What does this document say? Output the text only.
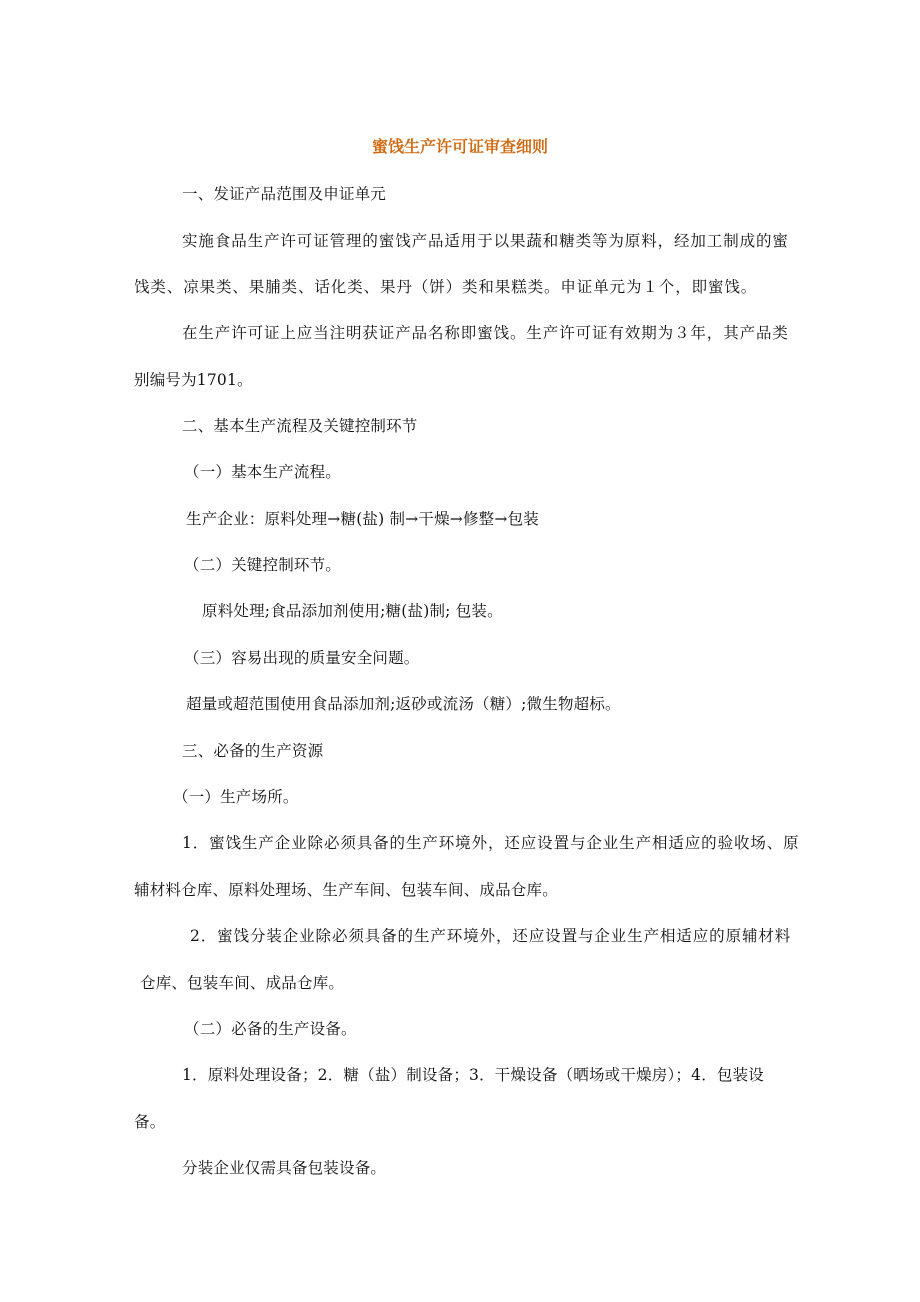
蜜饯生产许可证审查细则
一、发证产品范围及申证单元
实施食品生产许可证管理的蜜饯产品适用于以果蔬和糖类等为原料，经加工制成的蜜
饯类、凉果类、果脯类、话化类、果丹（饼）类和果糕类。申证单元为１个，即蜜饯。
在生产许可证上应当注明获证产品名称即蜜饯。生产许可证有效期为３年，其产品类
别编号为1701。
二、基本生产流程及关键控制环节
（一）基本生产流程。
生产企业：原料处理→糖(盐) 制→干燥→修整→包装
（二）关键控制环节。
原料处理;食品添加剂使用;糖(盐)制; 包装。
（三）容易出现的质量安全问题。
超量或超范围使用食品添加剂;返砂或流汤（糖）;微生物超标。
三、必备的生产资源
（一）生产场所。
1．蜜饯生产企业除必须具备的生产环境外，还应设置与企业生产相适应的验收场、原
辅材料仓库、原料处理场、生产车间、包装车间、成品仓库。
2．蜜饯分装企业除必须具备的生产环境外，还应设置与企业生产相适应的原辅材料
仓库、包装车间、成品仓库。
（二）必备的生产设备。
1．原料处理设备；2．糖（盐）制设备；3．干燥设备（晒场或干燥房）；4．包装设
备。
分装企业仅需具备包装设备。
